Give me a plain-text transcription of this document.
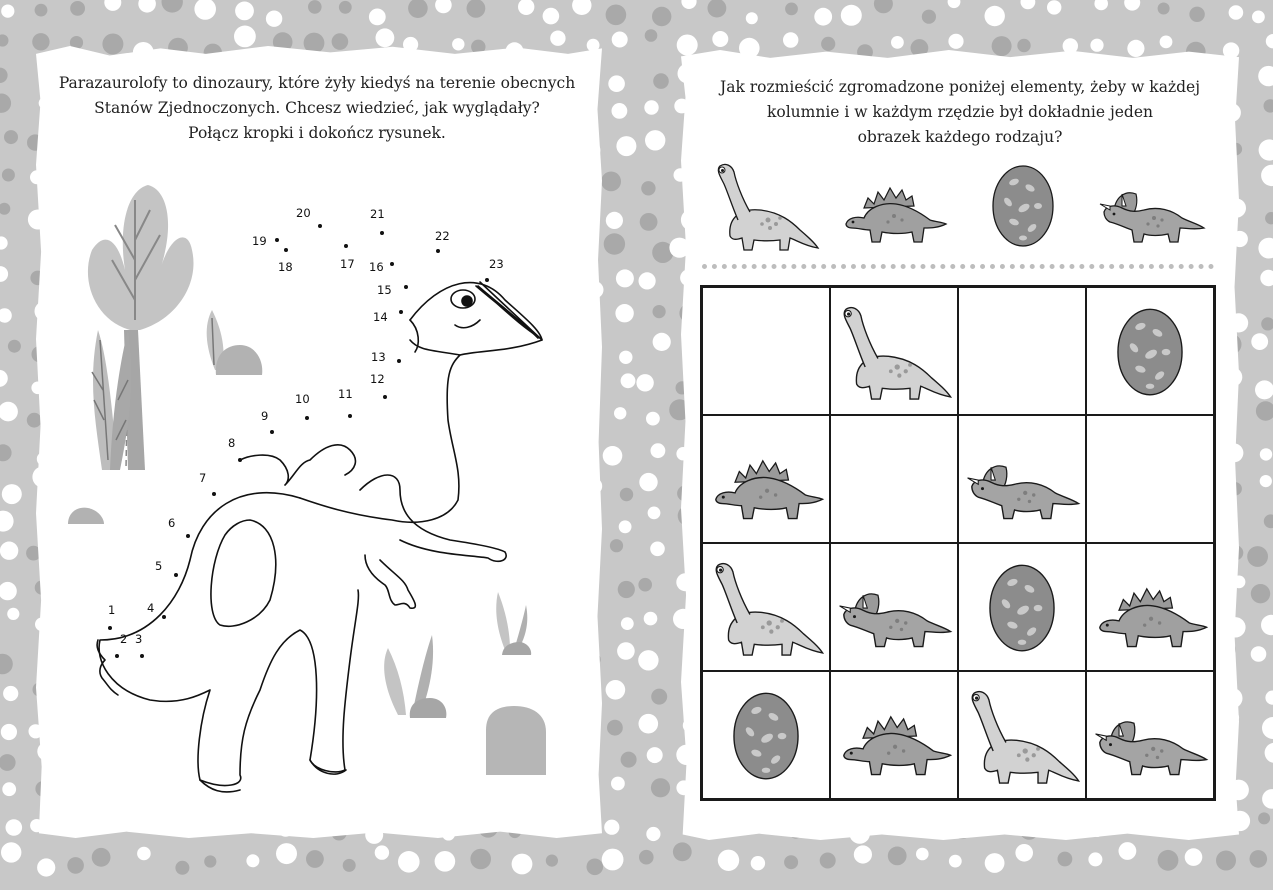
Parazaurolofy to dinozaury, które żyły kiedyś na terenie obecnych
Stanów Zjednoczonych. Chcesz wiedzieć, jak wyglądały?
Połącz kropki i dokończ rysunek.

Jak rozmieścić zgromadzone poniżej elementy, żeby w każdej
kolumnie i w każdym rzędzie był dokładnie jeden
obrazek każdego rodzaju?

1
2 3
4
5
6
7
8
9
10 11
12
13
14
15
16
17
18
19
20	21
22
23
